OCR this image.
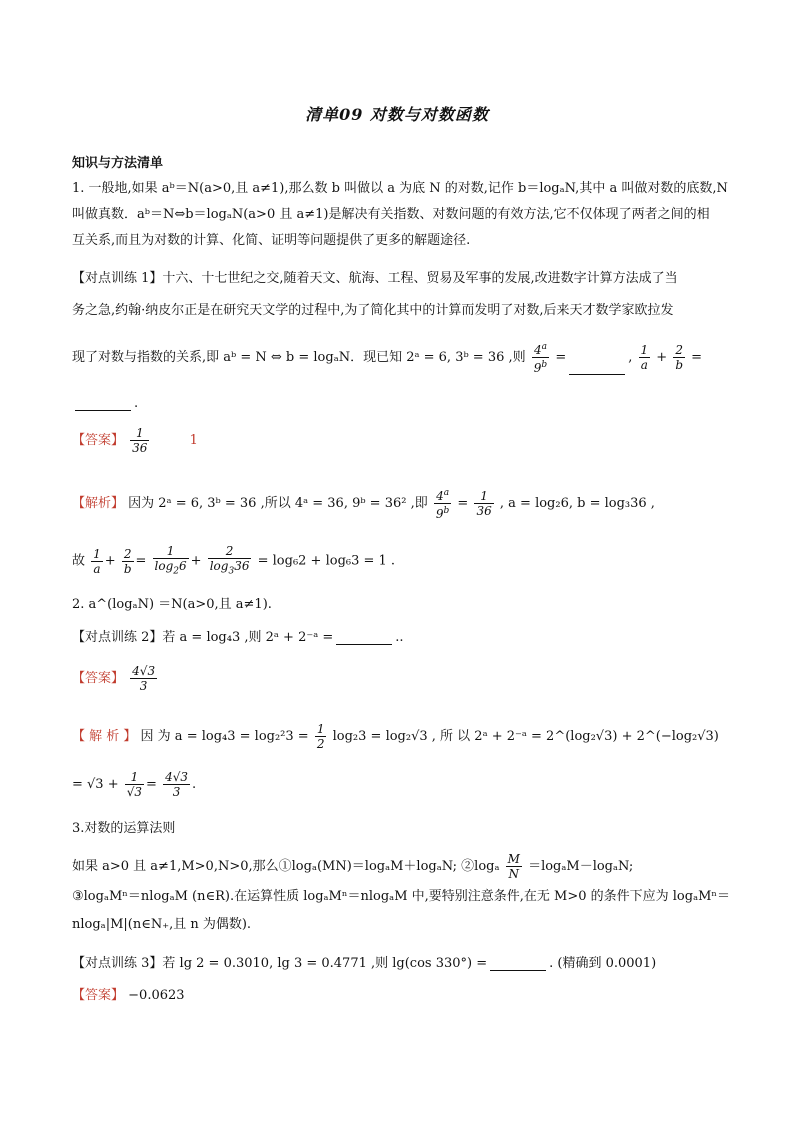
清单09 对数与对数函数
知识与方法清单
1. 一般地,如果 aᵇ＝N(a>0,且 a≠1),那么数 b 叫做以 a 为底 N 的对数,记作 b＝logₐN,其中 a 叫做对数的底数,N
叫做真数．aᵇ＝N⇔b＝logₐN(a>0 且 a≠1)是解决有关指数、对数问题的有效方法,它不仅体现了两者之间的相
互关系,而且为对数的计算、化简、证明等问题提供了更多的解题途径.
【对点训练 1】十六、十七世纪之交,随着天文、航海、工程、贸易及军事的发展,改进数字计算方法成了当
务之急,约翰·纳皮尔正是在研究天文学的过程中,为了简化其中的计算而发明了对数,后来天才数学家欧拉发
现了对数与指数的关系,即 aᵇ = N ⇔ b = logₐN．现已知 2ᵃ = 6, 3ᵇ = 36 ,则 $\frac{4^a}{9^b}$ =	, $\frac{1}{a} + \frac{2}{b}$ =
.
【答案】 $\frac{1}{36}$	1
【解析】 因为 2ᵃ = 6, 3ᵇ = 36 ,所以 4ᵃ = 36, 9ᵇ = 36² ,即 $\frac{4^a}{9^b} = \frac{1}{36}$ , a = log₂6, b = log₃36 ,
故 $\frac{1}{a} + \frac{2}{b} = \frac{1}{\log_26} + \frac{2}{\log_336} = \log_62 + \log_63 = 1$ .
2. a^(logₐN) ＝N(a>0,且 a≠1).
【对点训练 2】若 a = log₄3 ,则 2ᵃ + 2⁻ᵃ =	..
【答案】 $\frac{4√3}{3}$
【 解 析 】 因 为 $a = \log_43 = \log_2^23 = \frac{1}{2} \log_23 = \log_2√3$ , 所 以 2ᵃ + 2⁻ᵃ = 2^(log₂√3) + 2^(−log₂√3)
= $√3 + \frac{1}{√3} = \frac{4√3}{3}$ .
3.对数的运算法则
如果 a>0 且 a≠1,M>0,N>0,那么①logₐ(MN)＝logₐM＋logₐN; ②logₐ $\frac{M}{N} =\log_aM-\log_aN$;
③logₐMⁿ＝nlogₐM (n∈R).在运算性质 logₐMⁿ＝nlogₐM 中,要特别注意条件,在无 M>0 的条件下应为 logₐMⁿ＝
nlogₐ|M|(n∈N₊,且 n 为偶数).
【对点训练 3】若 lg 2 = 0.3010, lg 3 = 0.4771 ,则 lg(cos 330°) =	. (精确到 0.0001)
【答案】 −0.0623
